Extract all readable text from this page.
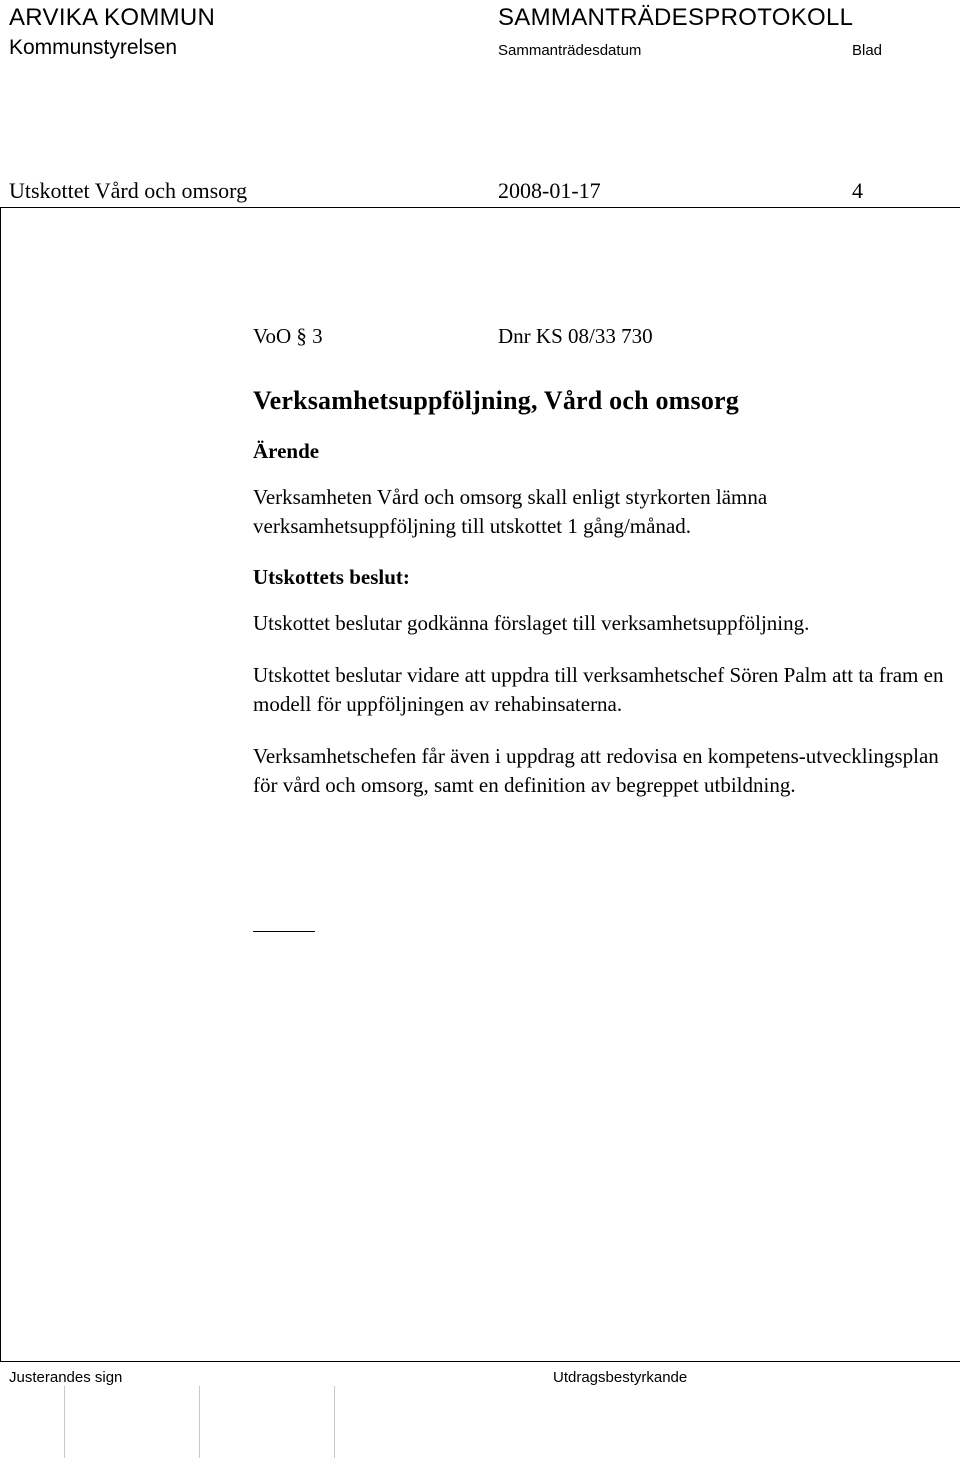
ARVIKA KOMMUN
Kommunstyrelsen
SAMMANTRÄDESPROTOKOLL
Sammanträdesdatum	Blad
Utskottet Vård och omsorg	2008-01-17	4
VoO § 3	Dnr KS 08/33 730
Verksamhetsuppföljning, Vård och omsorg
Ärende

Verksamheten Vård och omsorg skall enligt styrkorten lämna verksamhetsuppföljning till utskottet 1 gång/månad.

Utskottets beslut:

Utskottet beslutar godkänna förslaget till verksamhetsuppföljning.

Utskottet beslutar vidare att uppdra till verksamhetschef Sören Palm att ta fram en modell för uppföljningen av rehabinsaterna.

Verksamhetschefen får även i uppdrag att redovisa en kompetens-utvecklingsplan för vård och omsorg, samt en definition av begreppet utbildning.

Justerandes sign	Utdragsbestyrkande
